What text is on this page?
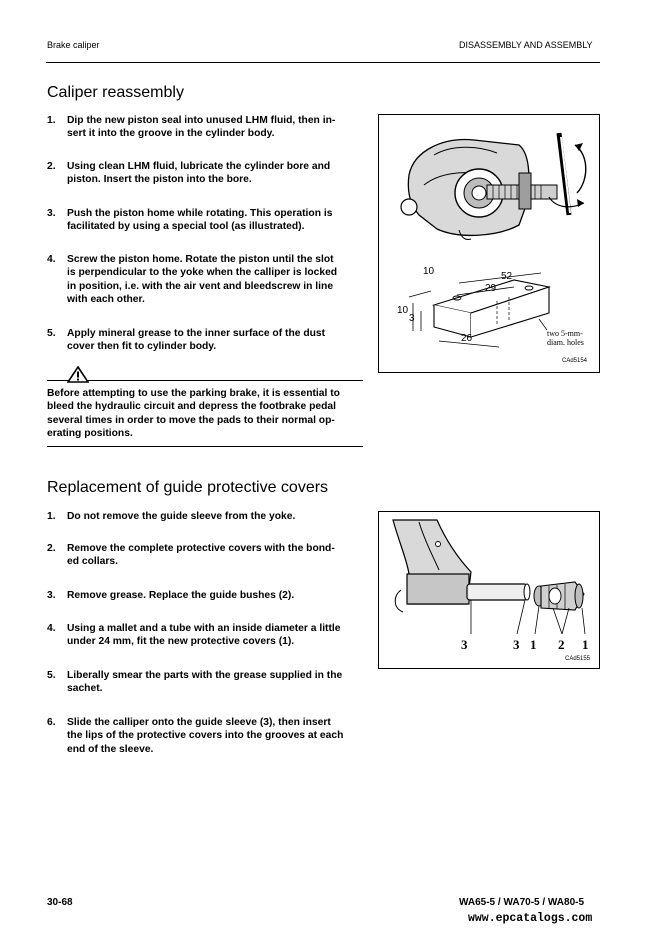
Brake caliper	DISASSEMBLY AND ASSEMBLY
Caliper reassembly
1. Dip the new piston seal into unused LHM fluid, then in-
sert it into the groove in the cylinder body.
2. Using clean LHM fluid, lubricate the cylinder bore and
piston. Insert the piston into the bore.
3. Push the piston home while rotating. This operation is
facilitated by using a special tool (as illustrated).
4. Screw the piston home. Rotate the piston until the slot
is perpendicular to the yoke when the calliper is locked
in position, i.e. with the air vent and bleedscrew in line
with each other.
5. Apply mineral grease to the inner surface of the dust
cover then fit to cylinder body.
Before attempting to use the parking brake, it is essential to
bleed the hydraulic circuit and depress the footbrake pedal
several times in order to move the pads to their normal op-
erating positions.
10	52
29
10
3
26	two 5-mm-
diam. holes
CAd5154
Replacement of guide protective covers
1. Do not remove the guide sleeve from the yoke.
2. Remove the complete protective covers with the bond-
ed collars.
3. Remove grease. Replace the guide bushes (2).
4. Using a mallet and a tube with an inside diameter a little
under 24 mm, fit the new protective covers (1).
5. Liberally smear the parts with the grease supplied in the
sachet.
6. Slide the calliper onto the guide sleeve (3), then insert
the lips of the protective covers into the grooves at each
end of the sleeve.
3	3 1 2 1
CAd5155
30-68	WA65-5 / WA70-5 / WA80-5
www.epcatalogs.com
